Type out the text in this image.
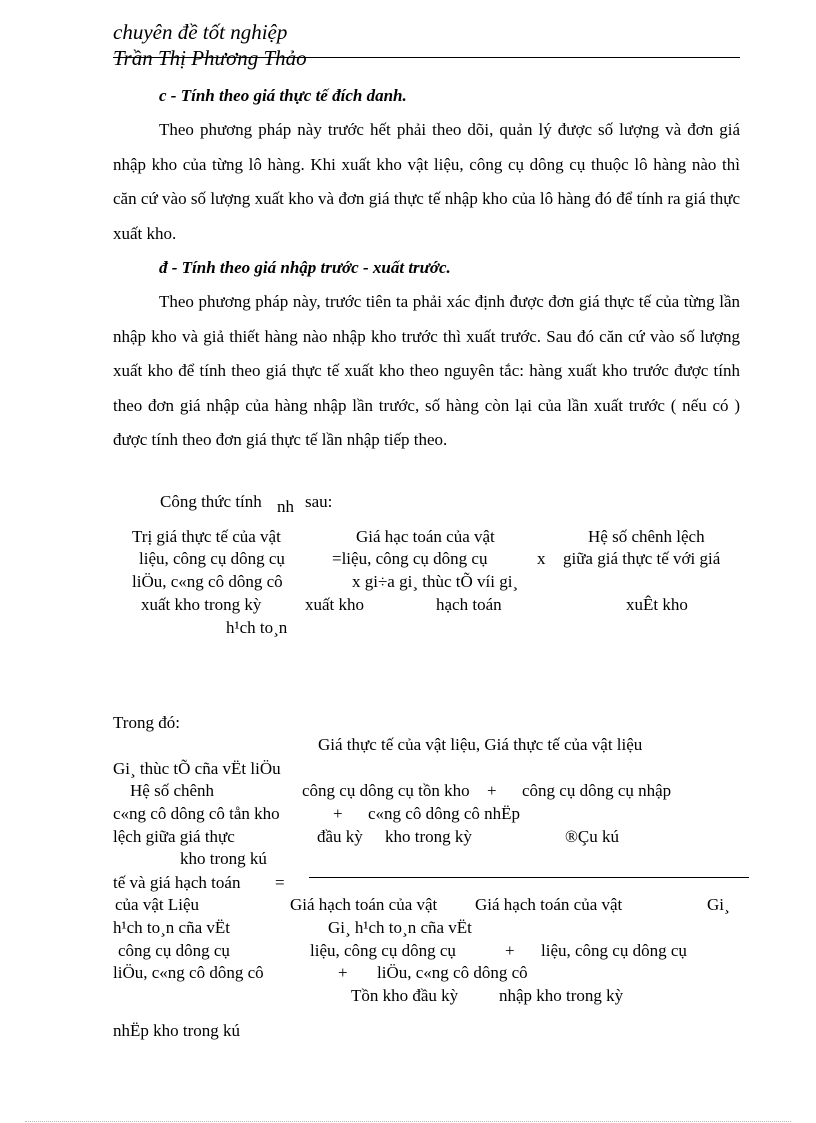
chuyên đề tốt nghiệp
Trần Thị Phương Thảo
c - Tính theo giá thực tế đích danh.

Theo phương pháp này trước hết phải theo dõi, quản lý được số lượng và đơn giá nhập kho của từng lô hàng. Khi xuất kho vật liệu, công cụ dông cụ thuộc lô hàng nào thì căn cứ vào số lượng xuất kho và đơn giá thực tế nhập kho của lô hàng đó để tính ra giá thực xuất kho.

đ - Tính theo giá nhập trước - xuất trước.

Theo phương pháp này, trước tiên ta phải xác định được đơn giá thực tế của từng lần nhập kho và giả thiết hàng nào nhập kho trước thì xuất trước. Sau đó căn cứ vào số lượng xuất kho để tính theo giá thực tế xuất kho theo nguyên tắc: hàng xuất kho trước được tính theo đơn giá nhập của hàng nhập lần trước, số hàng còn lại của lần xuất trước ( nếu có ) được tính theo đơn giá thực tế lần nhập tiếp theo.

Công thức tính nh sau:
Trị giá thực tế của vật
liệu, công cụ dông cụ
liÖu, c«ng cô dông cô
xuất kho trong kỳ
Giá hạc toán của vật
=liệu, công cụ dông cụ
x gi÷a gi¸ thùc tÕ víi gi¸
xuất kho
h¹ch to¸n
x
Hệ số chênh lệch
giữa giá thực tế với giá
hạch toán	xuÊt kho
Trong đó:
Giá thực tế của vật liệu, Giá thực tế của vật liệu
Gi¸ thùc tÕ cña vËt liÖu
Hệ số chênh	công cụ dông cụ tồn kho + công cụ dông cụ nhập
c«ng cô dông cô tån kho	+ c«ng cô dông cô nhËp
lệch giữa giá thực	đầu kỳ kho trong kỳ	®Çu kú
kho trong kú
tế và giá hạch toán =
của vật Liệu	Giá hạch toán của vật Giá hạch toán của vật	Gi¸
h¹ch to¸n cña vËt	Gi¸ h¹ch to¸n cña vËt
công cụ dông cụ	liệu, công cụ dông cụ	+ liệu, công cụ dông cụ
liÖu, c«ng cô dông cô	+ liÖu, c«ng cô dông cô
Tồn kho đầu kỳ nhập kho trong kỳ
nhËp kho trong kú
